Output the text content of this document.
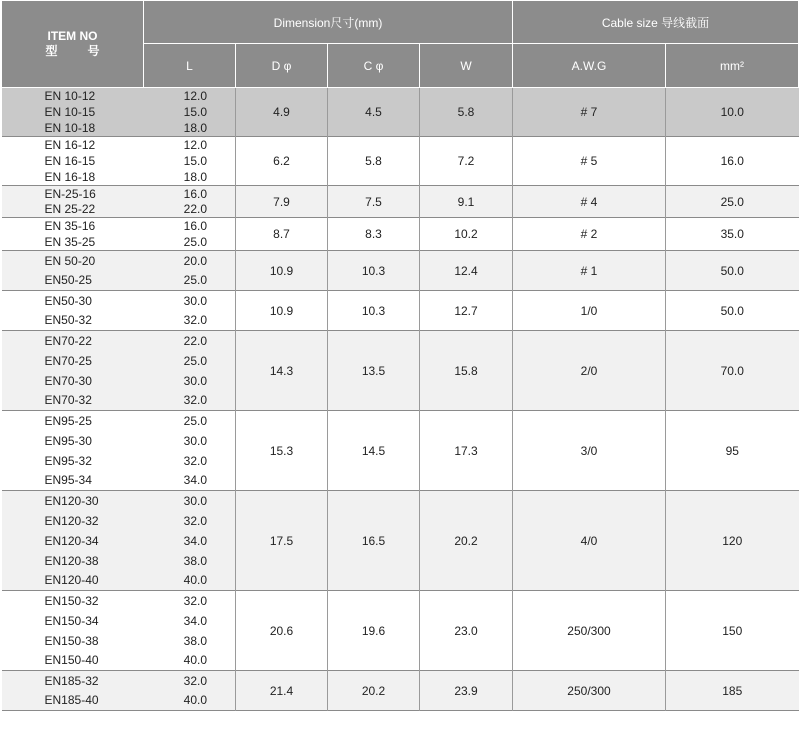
ITEM NO
型号	Dimension尺寸(mm)				Cable size 导线截面	
	L	D φ	C φ	W	A.W.G	mm²
EN 10-12	12.0	4.9	4.5	5.8	# 7	10.0
EN 10-15	15.0					
EN 10-18	18.0					
EN 16-12	12.0	6.2	5.8	7.2	# 5	16.0
EN 16-15	15.0					
EN 16-18	18.0					
EN-25-16	16.0	7.9	7.5	9.1	# 4	25.0
EN 25-22	22.0					
EN 35-16	16.0	8.7	8.3	10.2	# 2	35.0
EN 35-25	25.0					
EN 50-20	20.0	10.9	10.3	12.4	# 1	50.0
EN50-25	25.0					
EN50-30	30.0	10.9	10.3	12.7	1/0	50.0
EN50-32	32.0					
EN70-22	22.0	14.3	13.5	15.8	2/0	70.0
EN70-25	25.0					
EN70-30	30.0					
EN70-32	32.0					
EN95-25	25.0	15.3	14.5	17.3	3/0	95
EN95-30	30.0					
EN95-32	32.0					
EN95-34	34.0					
EN120-30	30.0	17.5	16.5	20.2	4/0	120
EN120-32	32.0					
EN120-34	34.0					
EN120-38	38.0					
EN120-40	40.0					
EN150-32	32.0	20.6	19.6	23.0	250/300	150
EN150-34	34.0					
EN150-38	38.0					
EN150-40	40.0					
EN185-32	32.0	21.4	20.2	23.9	250/300	185
EN185-40	40.0					
